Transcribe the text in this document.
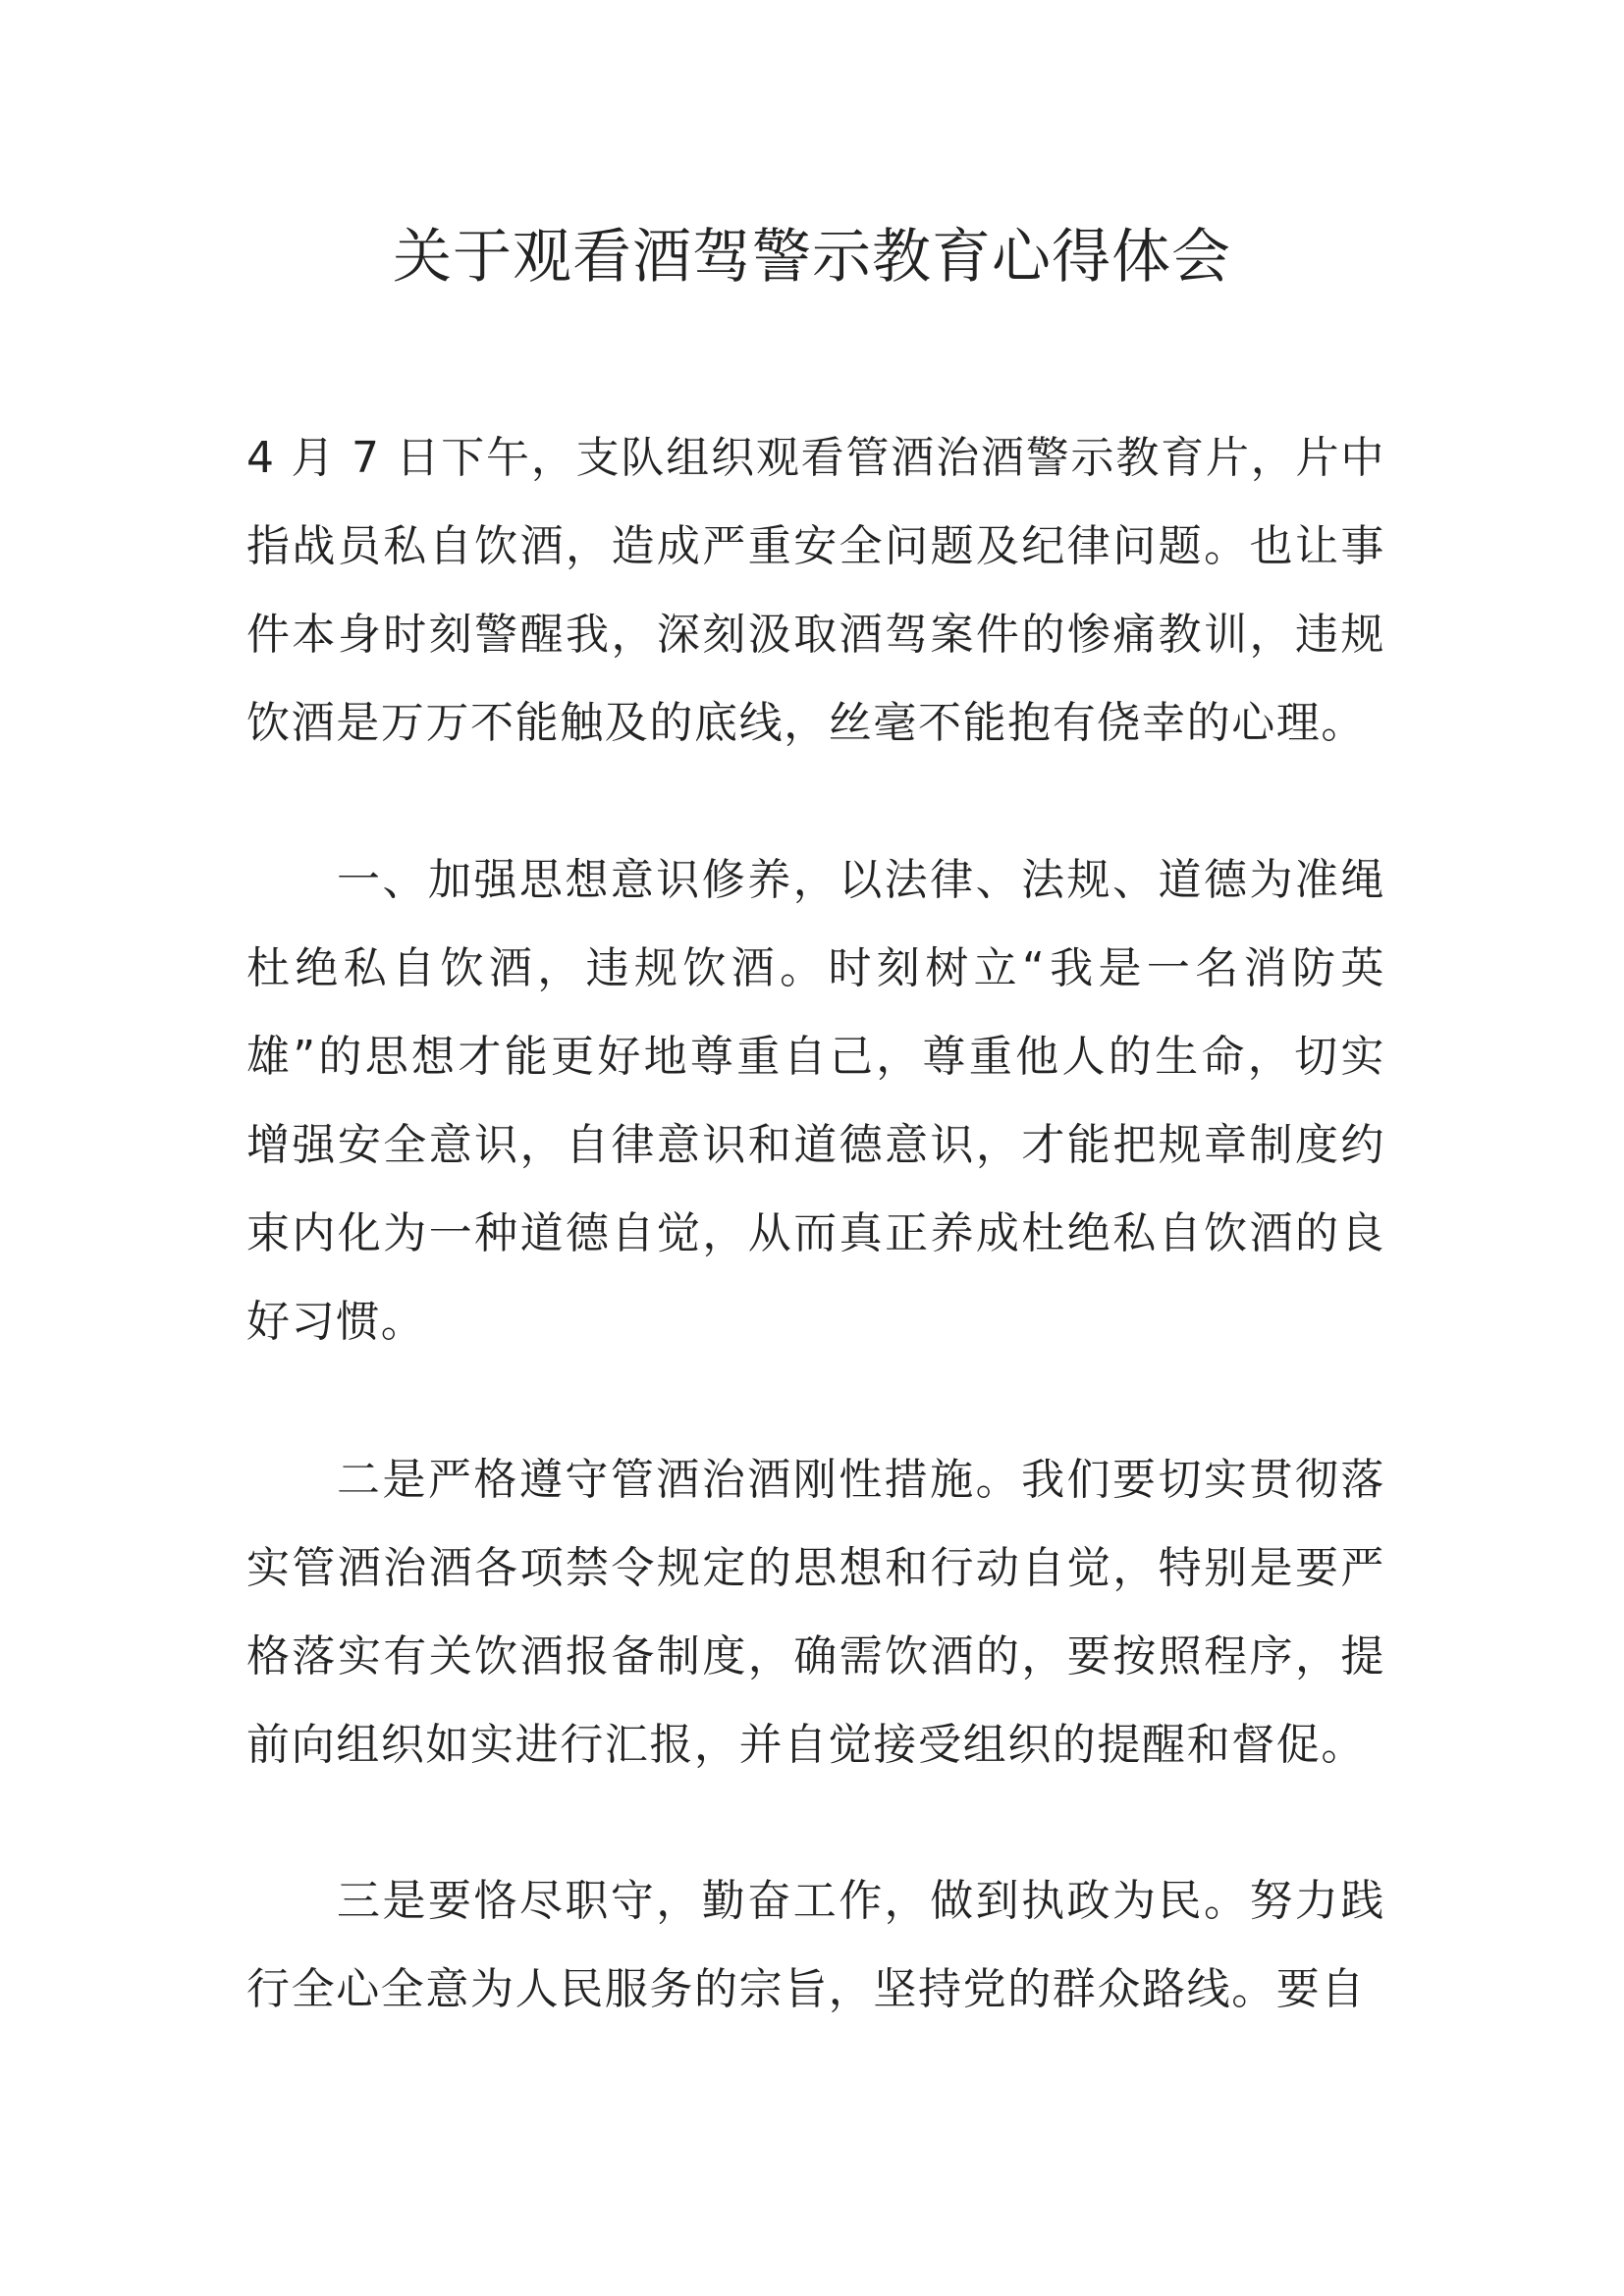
关于观看酒驾警示教育心得体会

4 月 7 日下午，支队组织观看管酒治酒警示教育片，片中指战员私自饮酒，造成严重安全问题及纪律问题。也让事件本身时刻警醒我，深刻汲取酒驾案件的惨痛教训，违规饮酒是万万不能触及的底线，丝毫不能抱有侥幸的心理。

一、加强思想意识修养，以法律、法规、道德为准绳杜绝私自饮酒，违规饮酒。时刻树立“我是一名消防英雄”的思想才能更好地尊重自己，尊重他人的生命，切实增强安全意识，自律意识和道德意识，才能把规章制度约束内化为一种道德自觉，从而真正养成杜绝私自饮酒的良好习惯。

二是严格遵守管酒治酒刚性措施。我们要切实贯彻落实管酒治酒各项禁令规定的思想和行动自觉，特别是要严格落实有关饮酒报备制度，确需饮酒的，要按照程序，提前向组织如实进行汇报，并自觉接受组织的提醒和督促。

三是要恪尽职守，勤奋工作，做到执政为民。努力践行全心全意为人民服务的宗旨，坚持党的群众路线。要自
